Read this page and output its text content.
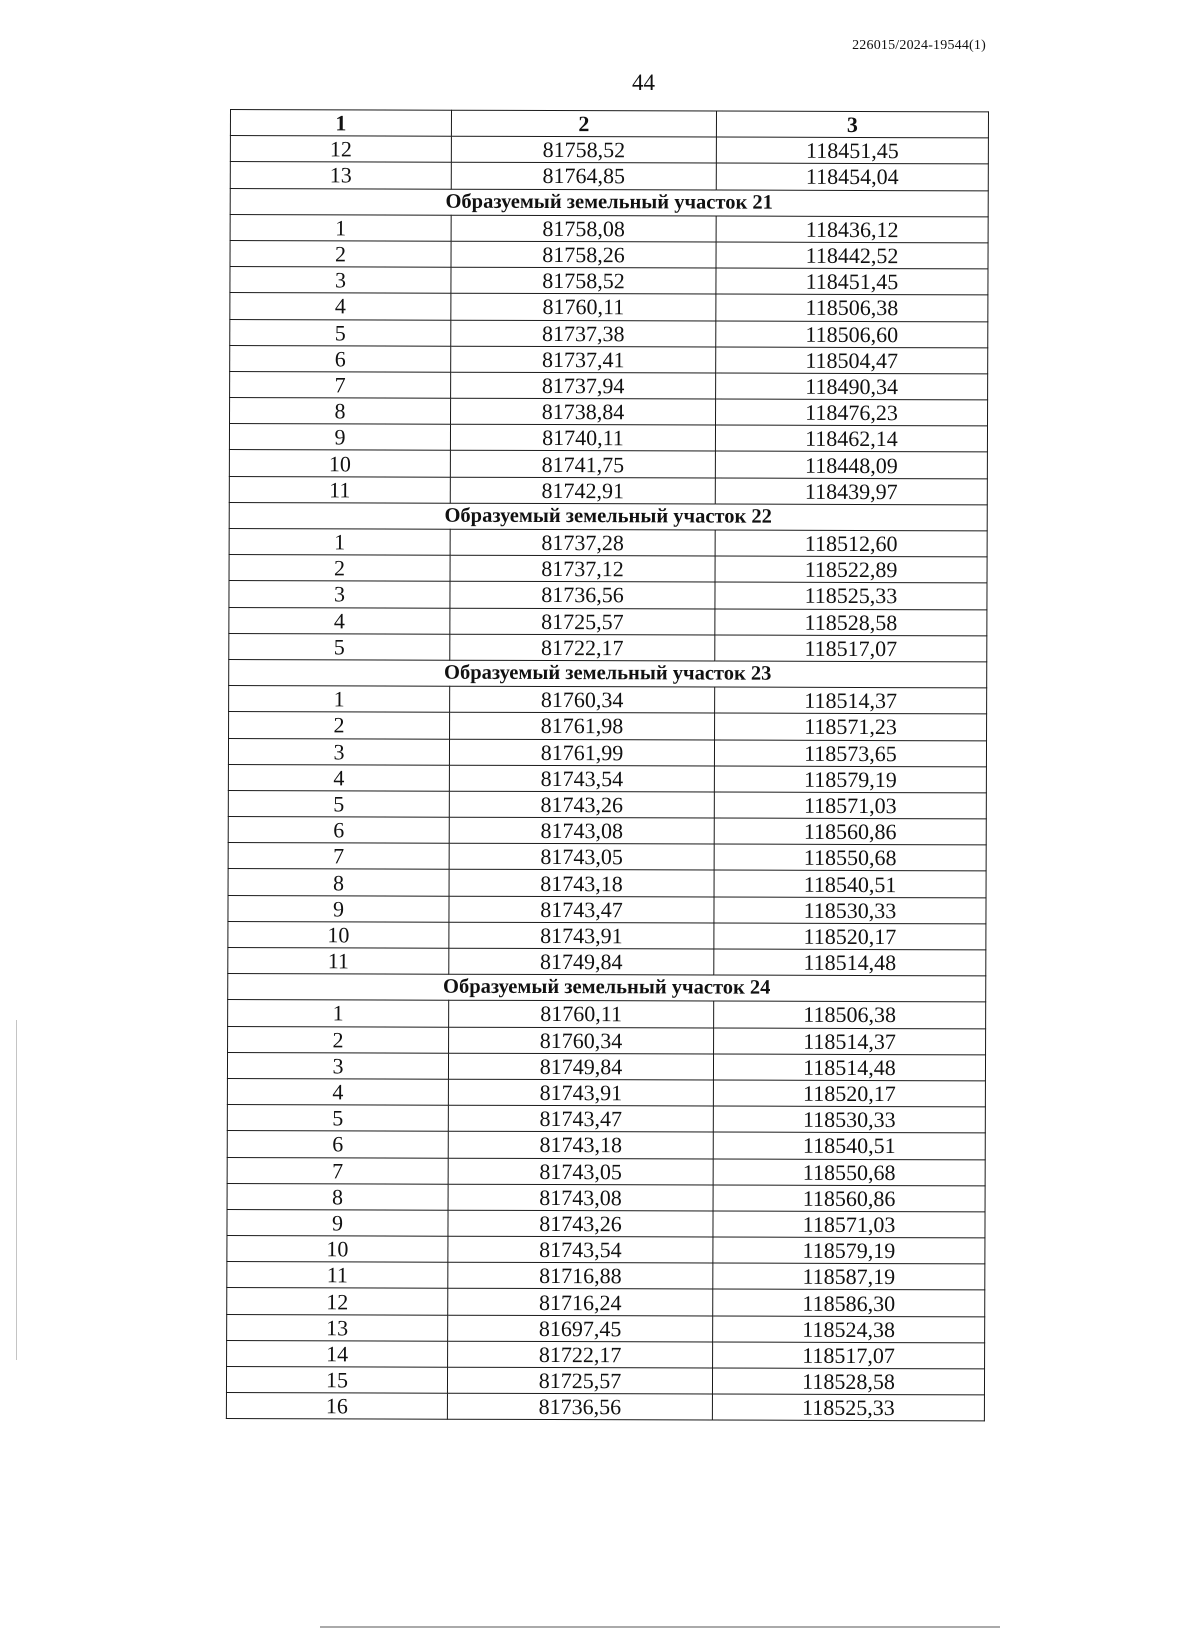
226015/2024-19544(1)
44
1	2	3
12	81758,52	118451,45
13	81764,85	118454,04
Образуемый земельный участок 21		
1	81758,08	118436,12
2	81758,26	118442,52
3	81758,52	118451,45
4	81760,11	118506,38
5	81737,38	118506,60
6	81737,41	118504,47
7	81737,94	118490,34
8	81738,84	118476,23
9	81740,11	118462,14
10	81741,75	118448,09
11	81742,91	118439,97
Образуемый земельный участок 22		
1	81737,28	118512,60
2	81737,12	118522,89
3	81736,56	118525,33
4	81725,57	118528,58
5	81722,17	118517,07
Образуемый земельный участок 23		
1	81760,34	118514,37
2	81761,98	118571,23
3	81761,99	118573,65
4	81743,54	118579,19
5	81743,26	118571,03
6	81743,08	118560,86
7	81743,05	118550,68
8	81743,18	118540,51
9	81743,47	118530,33
10	81743,91	118520,17
11	81749,84	118514,48
Образуемый земельный участок 24		
1	81760,11	118506,38
2	81760,34	118514,37
3	81749,84	118514,48
4	81743,91	118520,17
5	81743,47	118530,33
6	81743,18	118540,51
7	81743,05	118550,68
8	81743,08	118560,86
9	81743,26	118571,03
10	81743,54	118579,19
11	81716,88	118587,19
12	81716,24	118586,30
13	81697,45	118524,38
14	81722,17	118517,07
15	81725,57	118528,58
16	81736,56	118525,33
